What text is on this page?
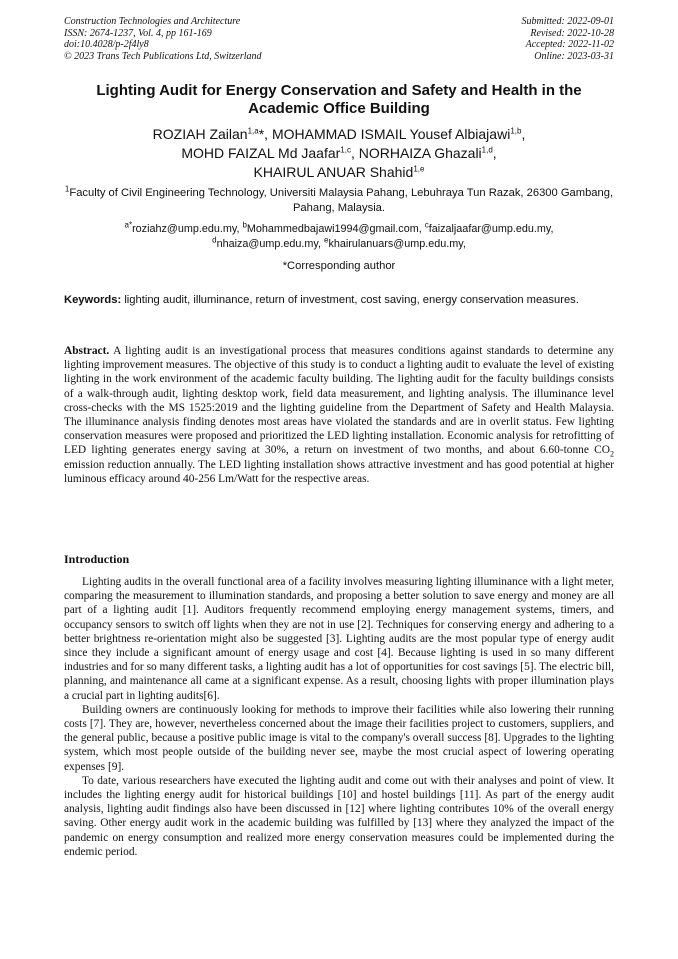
Construction Technologies and Architecture
ISSN: 2674-1237, Vol. 4, pp 161-169
doi:10.4028/p-2f4ly8
© 2023 Trans Tech Publications Ltd, Switzerland
Submitted: 2022-09-01
Revised: 2022-10-28
Accepted: 2022-11-02
Online: 2023-03-31
Lighting Audit for Energy Conservation and Safety and Health in the Academic Office Building
ROZIAH Zailan$^{1,a}$*, MOHAMMAD ISMAIL Yousef Albiajawi$^{1,b}$,
MOHD FAIZAL Md Jaafar$^{1,c}$, NORHAIZA Ghazali$^{1,d}$,
KHAIRUL ANUAR Shahid$^{1,e}$
$^1$Faculty of Civil Engineering Technology, Universiti Malaysia Pahang, Lebuhraya Tun Razak, 26300 Gambang, Pahang, Malaysia.
$^{a*}$roziahz@ump.edu.my, $^b$Mohammedbajawi1994@gmail.com, $^c$faizaljaafar@ump.edu.my,
$^d$nhaiza@ump.edu.my, $^e$khairulanuars@ump.edu.my,
*Corresponding author
Keywords: lighting audit, illuminance, return of investment, cost saving, energy conservation measures.
Abstract. A lighting audit is an investigational process that measures conditions against standards to determine any lighting improvement measures. The objective of this study is to conduct a lighting audit to evaluate the level of existing lighting in the work environment of the academic faculty building. The lighting audit for the faculty buildings consists of a walk-through audit, lighting desktop work, field data measurement, and lighting analysis. The illuminance level cross-checks with the MS 1525:2019 and the lighting guideline from the Department of Safety and Health Malaysia. The illuminance analysis finding denotes most areas have violated the standards and are in overlit status. Few lighting conservation measures were proposed and prioritized the LED lighting installation. Economic analysis for retrofitting of LED lighting generates energy saving at 30%, a return on investment of two months, and about 6.60-tonne $CO_2$ emission reduction annually. The LED lighting installation shows attractive investment and has good potential at higher luminous efficacy around 40-256 Lm/Watt for the respective areas.
Introduction

Lighting audits in the overall functional area of a facility involves measuring lighting illuminance with a light meter, comparing the measurement to illumination standards, and proposing a better solution to save energy and money are all part of a lighting audit [1]. Auditors frequently recommend employing energy management systems, timers, and occupancy sensors to switch off lights when they are not in use [2]. Techniques for conserving energy and adhering to a better brightness re-orientation might also be suggested [3]. Lighting audits are the most popular type of energy audit since they include a significant amount of energy usage and cost [4]. Because lighting is used in so many different industries and for so many different tasks, a lighting audit has a lot of opportunities for cost savings [5]. The electric bill, planning, and maintenance all came at a significant expense. As a result, choosing lights with proper illumination plays a crucial part in lighting audits[6].

Building owners are continuously looking for methods to improve their facilities while also lowering their running costs [7]. They are, however, nevertheless concerned about the image their facilities project to customers, suppliers, and the general public, because a positive public image is vital to the company's overall success [8]. Upgrades to the lighting system, which most people outside of the building never see, maybe the most crucial aspect of lowering operating expenses [9].

To date, various researchers have executed the lighting audit and come out with their analyses and point of view. It includes the lighting energy audit for historical buildings [10] and hostel buildings [11]. As part of the energy audit analysis, lighting audit findings also have been discussed in [12] where lighting contributes 10% of the overall energy saving. Other energy audit work in the academic building was fulfilled by [13] where they analyzed the impact of the pandemic on energy consumption and realized more energy conservation measures could be implemented during the endemic period.
